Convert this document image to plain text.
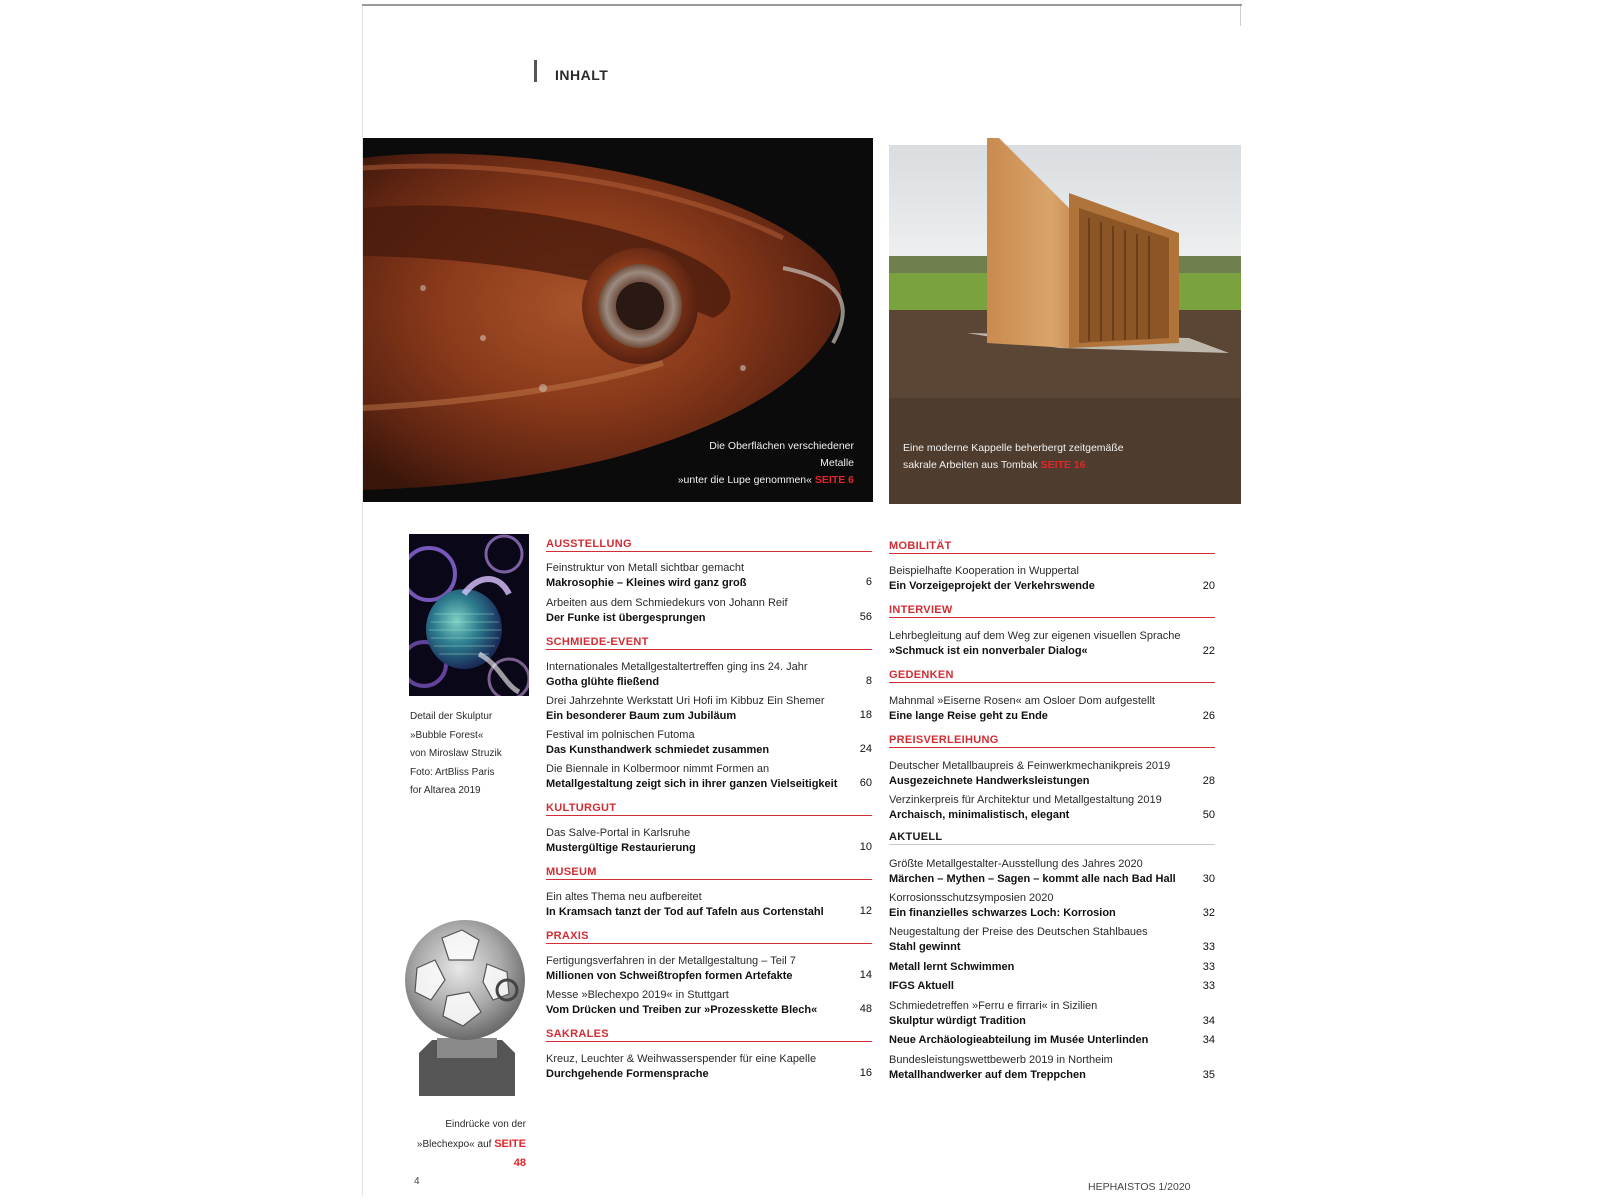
INHALT
Die Oberflächen verschiedener Metalle
»unter die Lupe genommen« SEITE 6
Eine moderne Kappelle beherbergt zeitgemäße
sakrale Arbeiten aus Tombak SEITE 16
Detail der Skulptur
»Bubble Forest«
von Miroslaw Struzik
Foto: ArtBliss Paris
for Altarea 2019
Eindrücke von der
»Blechexpo« auf SEITE 48
AUSSTELLUNG
Feinstruktur von Metall sichtbar gemacht
Makrosophie – Kleines wird ganz groß	6
Arbeiten aus dem Schmiedekurs von Johann Reif
Der Funke ist übergesprungen	56
SCHMIEDE-EVENT
Internationales Metallgestaltertreffen ging ins 24. Jahr
Gotha glühte fließend	8
Drei Jahrzehnte Werkstatt Uri Hofi im Kibbuz Ein Shemer
Ein besonderer Baum zum Jubiläum	18
Festival im polnischen Futoma
Das Kunsthandwerk schmiedet zusammen	24
Die Biennale in Kolbermoor nimmt Formen an
Metallgestaltung zeigt sich in ihrer ganzen Vielseitigkeit	60
KULTURGUT
Das Salve-Portal in Karlsruhe
Mustergültige Restaurierung	10
MUSEUM
Ein altes Thema neu aufbereitet
In Kramsach tanzt der Tod auf Tafeln aus Cortenstahl	12
PRAXIS
Fertigungsverfahren in der Metallgestaltung – Teil 7
Millionen von Schweißtropfen formen Artefakte	14
Messe »Blechexpo 2019« in Stuttgart
Vom Drücken und Treiben zur »Prozesskette Blech«	48
SAKRALES
Kreuz, Leuchter & Weihwasserspender für eine Kapelle
Durchgehende Formensprache	16
MOBILITÄT
Beispielhafte Kooperation in Wuppertal
Ein Vorzeigeprojekt der Verkehrswende	20
INTERVIEW
Lehrbegleitung auf dem Weg zur eigenen visuellen Sprache
»Schmuck ist ein nonverbaler Dialog«	22
GEDENKEN
Mahnmal »Eiserne Rosen« am Osloer Dom aufgestellt
Eine lange Reise geht zu Ende	26
PREISVERLEIHUNG
Deutscher Metallbaupreis & Feinwerkmechanikpreis 2019
Ausgezeichnete Handwerksleistungen	28
Verzinkerpreis für Architektur und Metallgestaltung 2019
Archaisch, minimalistisch, elegant	50
AKTUELL
Größte Metallgestalter-Ausstellung des Jahres 2020
Märchen – Mythen – Sagen – kommt alle nach Bad Hall	30
Korrosionsschutzsymposien 2020
Ein finanzielles schwarzes Loch: Korrosion	32
Neugestaltung der Preise des Deutschen Stahlbaues
Stahl gewinnt	33
Metall lernt Schwimmen	33
IFGS Aktuell	33
Schmiedetreffen »Ferru e firrari« in Sizilien
Skulptur würdigt Tradition	34
Neue Archäologieabteilung im Musée Unterlinden	34
Bundesleistungswettbewerb 2019 in Northeim
Metallhandwerker auf dem Treppchen	35
4	HEPHAISTOS 1/2020
